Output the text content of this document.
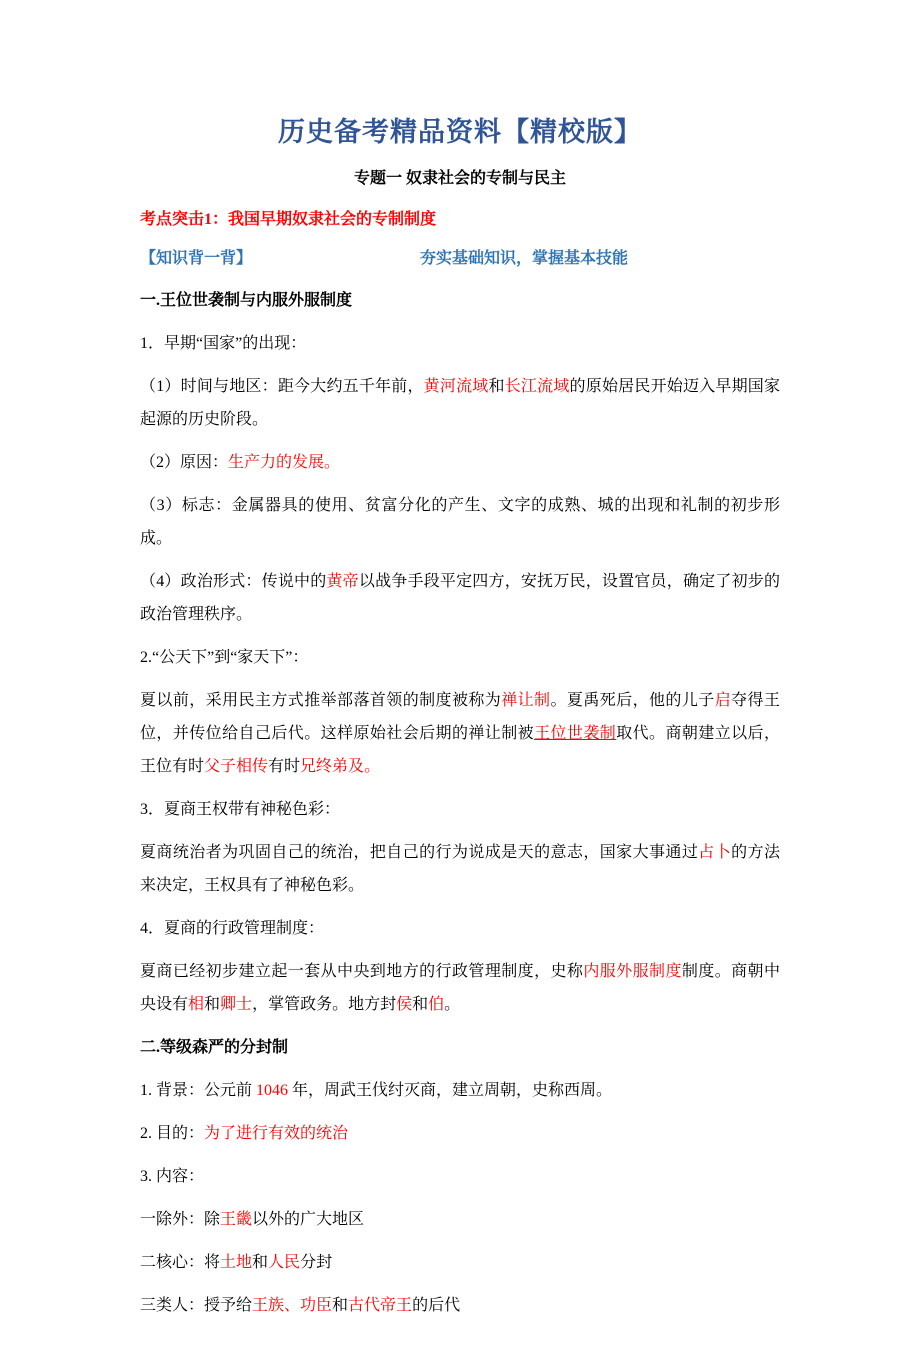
历史备考精品资料【精校版】
专题一 奴隶社会的专制与民主
考点突击1：我国早期奴隶社会的专制制度
【知识背一背】	夯实基础知识，掌握基本技能

一.王位世袭制与内服外服制度

1．早期“国家”的出现：

（1）时间与地区：距今大约五千年前，黄河流域和长江流域的原始居民开始迈入早期国家起源的历史阶段。

（2）原因：生产力的发展。

（3）标志：金属器具的使用、贫富分化的产生、文字的成熟、城的出现和礼制的初步形成。

（4）政治形式：传说中的黄帝以战争手段平定四方，安抚万民，设置官员，确定了初步的政治管理秩序。

2.“公天下”到“家天下”：

夏以前，采用民主方式推举部落首领的制度被称为禅让制。夏禹死后，他的儿子启夺得王位，并传位给自己后代。这样原始社会后期的禅让制被王位世袭制取代。商朝建立以后，王位有时父子相传有时兄终弟及。

3．夏商王权带有神秘色彩：

夏商统治者为巩固自己的统治，把自己的行为说成是天的意志，国家大事通过占卜的方法来决定，王权具有了神秘色彩。

4．夏商的行政管理制度：

夏商已经初步建立起一套从中央到地方的行政管理制度，史称内服外服制度制度。商朝中央设有相和卿士，掌管政务。地方封侯和伯。

二.等级森严的分封制

1. 背景：公元前 1046 年，周武王伐纣灭商，建立周朝，史称西周。

2. 目的：为了进行有效的统治

3. 内容：

一除外：除王畿以外的广大地区

二核心：将土地和人民分封

三类人：授予给王族、功臣和古代帝王的后代
